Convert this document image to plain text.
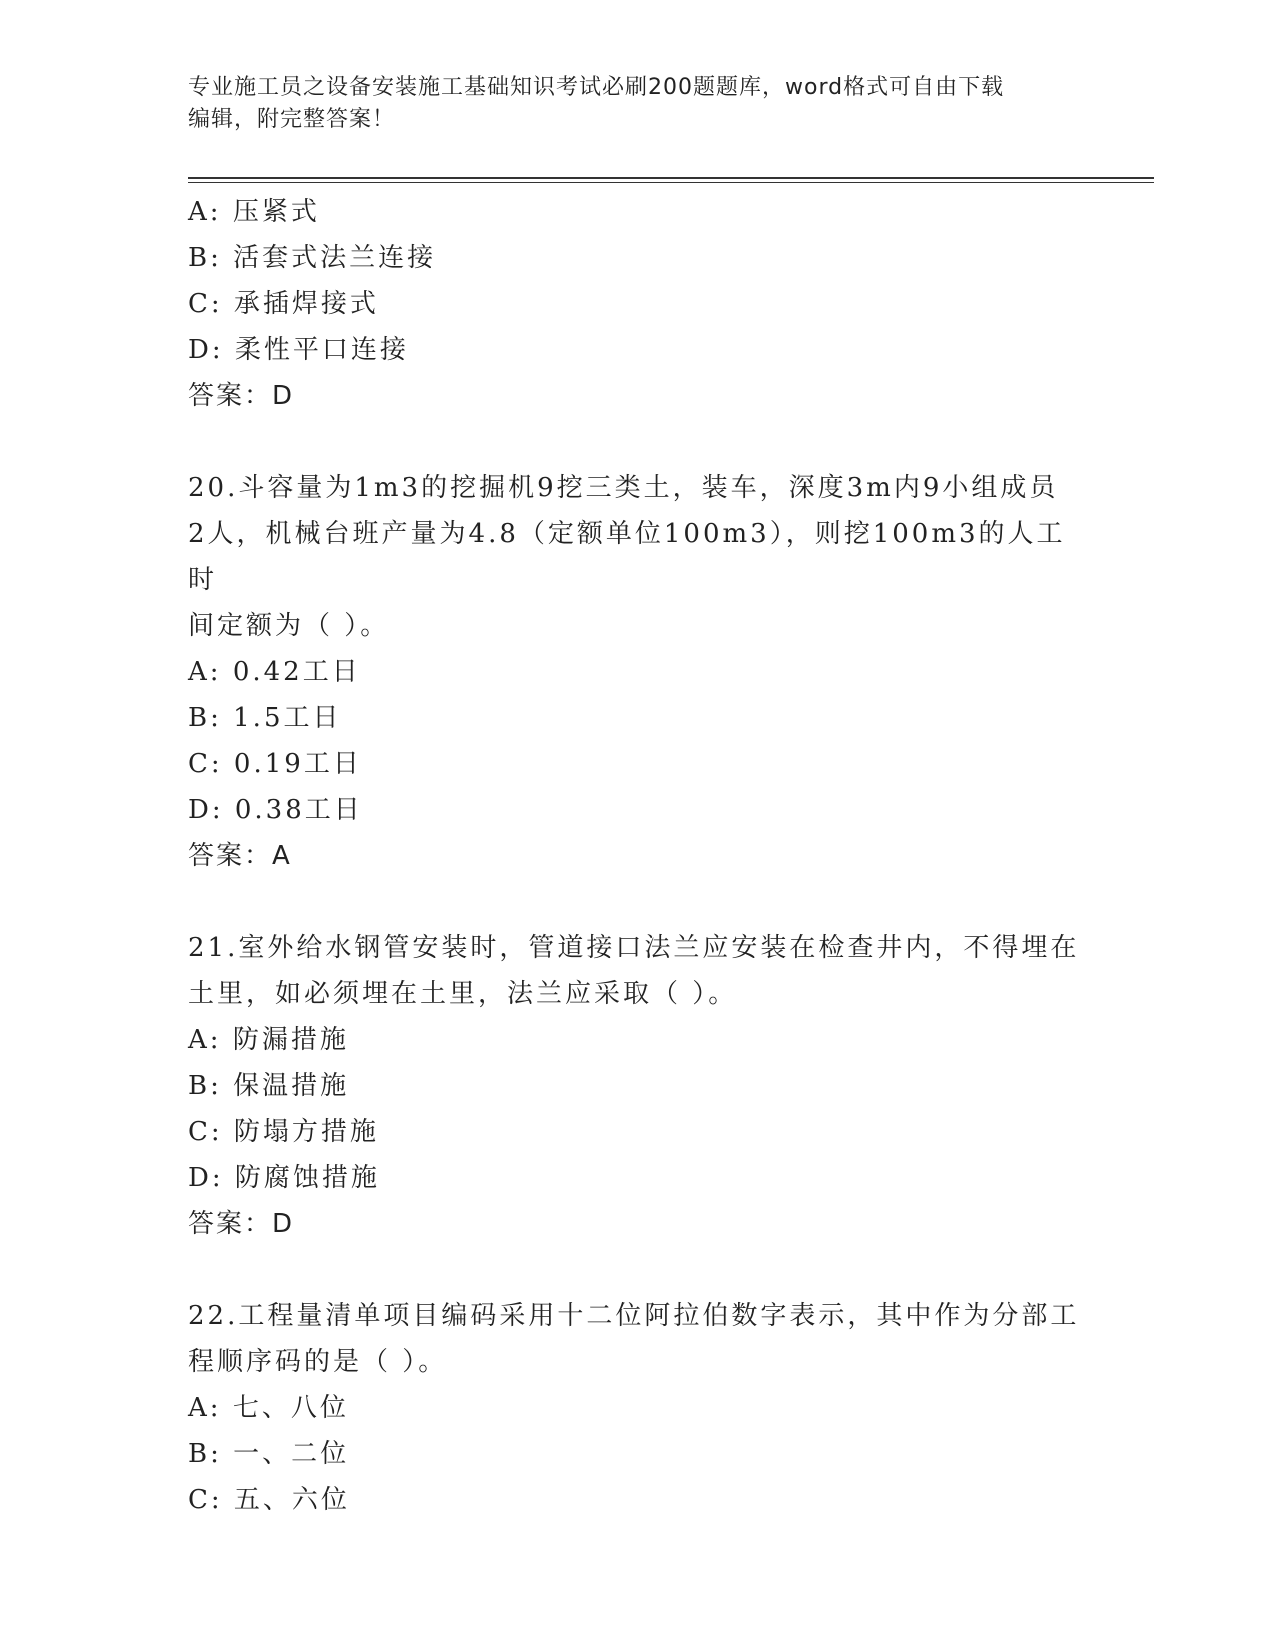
专业施工员之设备安装施工基础知识考试必刷200题题库，word格式可自由下载
编辑，附完整答案！
A: 压紧式
B: 活套式法兰连接
C: 承插焊接式
D: 柔性平口连接
答案：D
20.斗容量为1m3的挖掘机9挖三类土，装车，深度3m内9小组成员
2人，机械台班产量为4.8（定额单位100m3），则挖100m3的人工时
间定额为（ ）。
A: 0.42工日
B: 1.5工日
C: 0.19工日
D: 0.38工日
答案：A
21.室外给水钢管安装时，管道接口法兰应安装在检查井内，不得埋在
土里，如必须埋在土里，法兰应采取（ ）。
A: 防漏措施
B: 保温措施
C: 防塌方措施
D: 防腐蚀措施
答案：D
22.工程量清单项目编码采用十二位阿拉伯数字表示，其中作为分部工
程顺序码的是（ ）。
A: 七、八位
B: 一、二位
C: 五、六位
